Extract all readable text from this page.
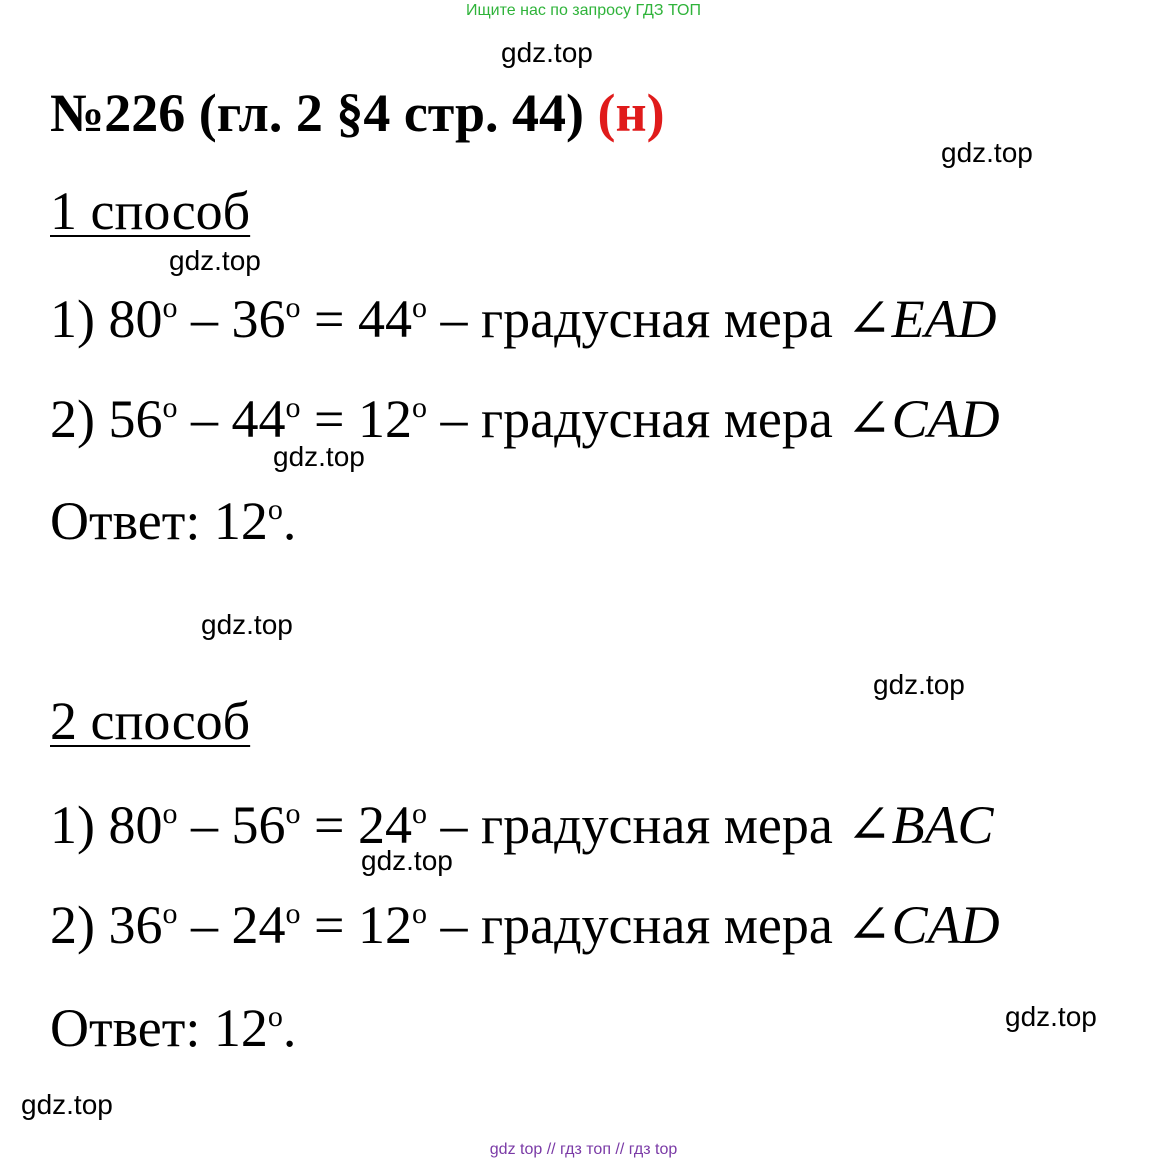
Ищите нас по запросу ГДЗ ТОП
№226 (гл. 2 §4 стр. 44) (н)
1 способ
1) $80^о - 36^о = 44^о$ – градусная мера ∠EAD
2) $56^о - 44^о = 12^о$ – градусная мера ∠CAD
Ответ: $12^о$.
2 способ
1) $80^о - 56^о = 24^о$ – градусная мера ∠BAC
2) $36^о - 24^о = 12^о$ – градусная мера ∠CAD
Ответ: $12^о$.
gdz.top
gdz.top
gdz.top
gdz.top
gdz.top
gdz.top
gdz.top
gdz.top
gdz.top
gdz top // гдз топ // гдз top
